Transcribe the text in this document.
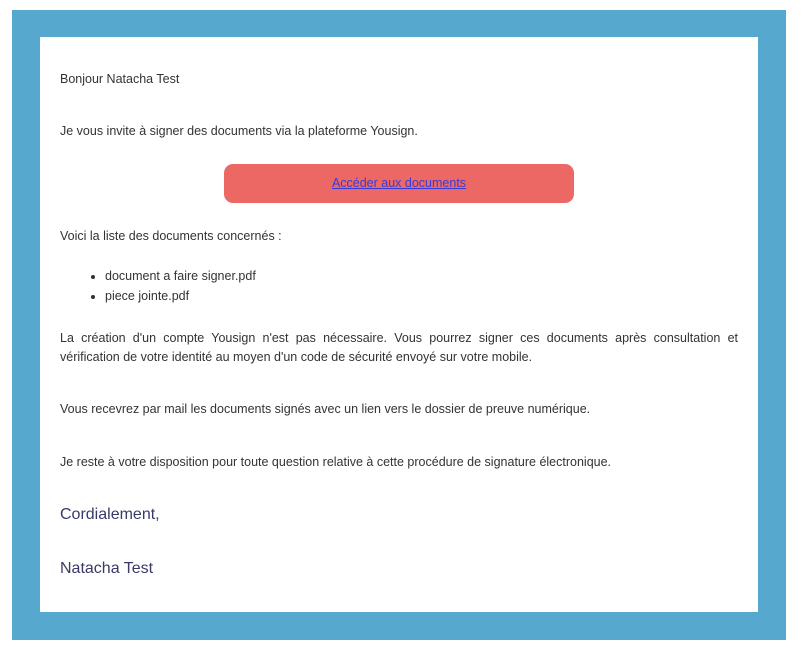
Bonjour Natacha Test

Je vous invite à signer des documents via la plateforme Yousign.

Accéder aux documents

Voici la liste des documents concernés :

• document a faire signer.pdf
• piece jointe.pdf

La création d'un compte Yousign n'est pas nécessaire. Vous pourrez signer ces documents après consultation et vérification de votre identité au moyen d'un code de sécurité envoyé sur votre mobile.

Vous recevrez par mail les documents signés avec un lien vers le dossier de preuve numérique.

Je reste à votre disposition pour toute question relative à cette procédure de signature électronique.

Cordialement,
Natacha Test
